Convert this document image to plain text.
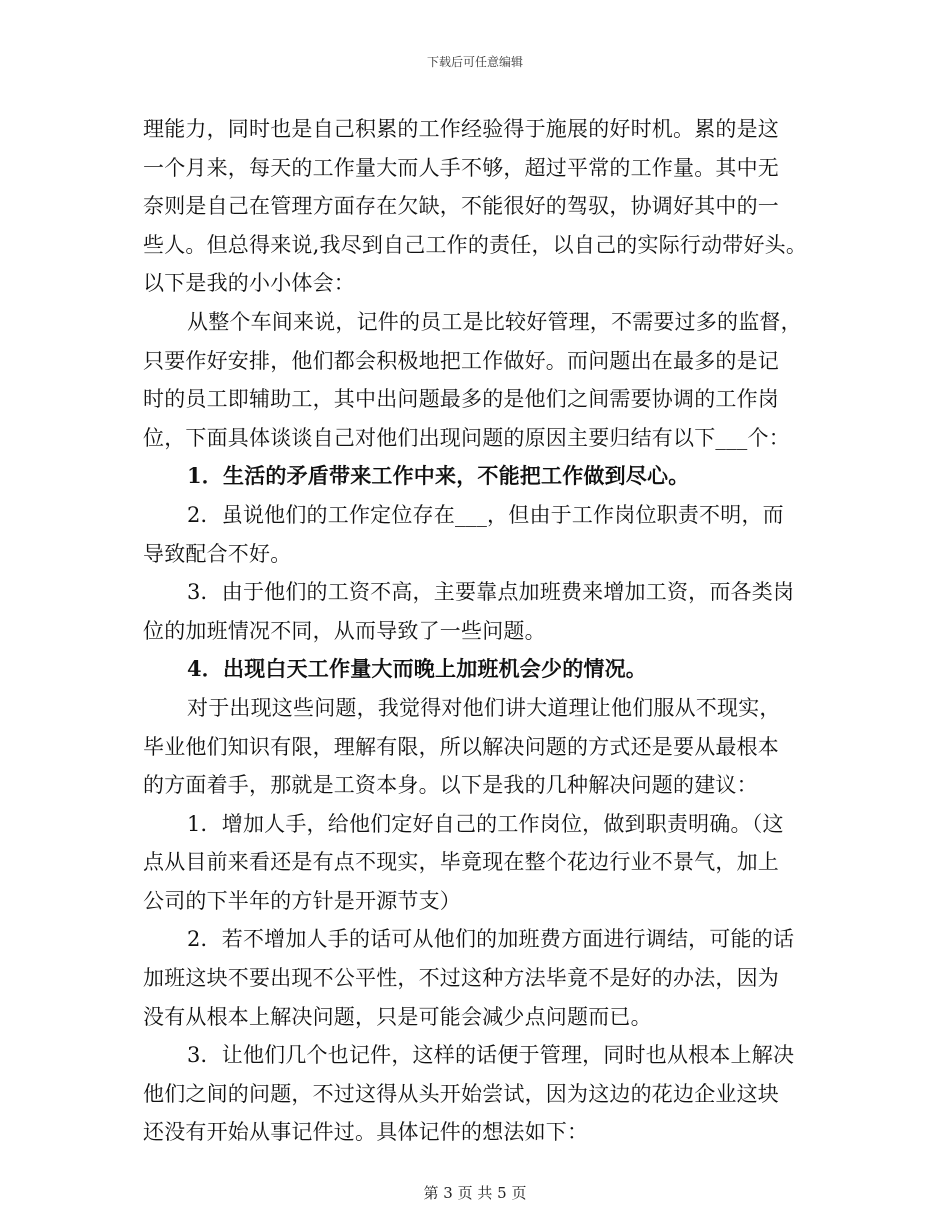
下载后可任意编辑
理能力，同时也是自己积累的工作经验得于施展的好时机。累的是这
一个月来，每天的工作量大而人手不够，超过平常的工作量。其中无
奈则是自己在管理方面存在欠缺，不能很好的驾驭，协调好其中的一
些人。但总得来说,我尽到自己工作的责任，以自己的实际行动带好头。
以下是我的小小体会：
从整个车间来说，记件的员工是比较好管理，不需要过多的监督，
只要作好安排，他们都会积极地把工作做好。而问题出在最多的是记
时的员工即辅助工，其中出问题最多的是他们之间需要协调的工作岗
位，下面具体谈谈自己对他们出现问题的原因主要归结有以下___个：
1．生活的矛盾带来工作中来，不能把工作做到尽心。
2．虽说他们的工作定位存在___，但由于工作岗位职责不明，而
导致配合不好。
3．由于他们的工资不高，主要靠点加班费来增加工资，而各类岗
位的加班情况不同，从而导致了一些问题。
4．出现白天工作量大而晚上加班机会少的情况。
对于出现这些问题，我觉得对他们讲大道理让他们服从不现实，
毕业他们知识有限，理解有限，所以解决问题的方式还是要从最根本
的方面着手，那就是工资本身。以下是我的几种解决问题的建议：
1．增加人手，给他们定好自己的工作岗位，做到职责明确。（这
点从目前来看还是有点不现实，毕竟现在整个花边行业不景气，加上
公司的下半年的方针是开源节支）
2．若不增加人手的话可从他们的加班费方面进行调结，可能的话
加班这块不要出现不公平性，不过这种方法毕竟不是好的办法，因为
没有从根本上解决问题，只是可能会减少点问题而已。
3．让他们几个也记件，这样的话便于管理，同时也从根本上解决
他们之间的问题，不过这得从头开始尝试，因为这边的花边企业这块
还没有开始从事记件过。具体记件的想法如下：
第 3 页 共 5 页
